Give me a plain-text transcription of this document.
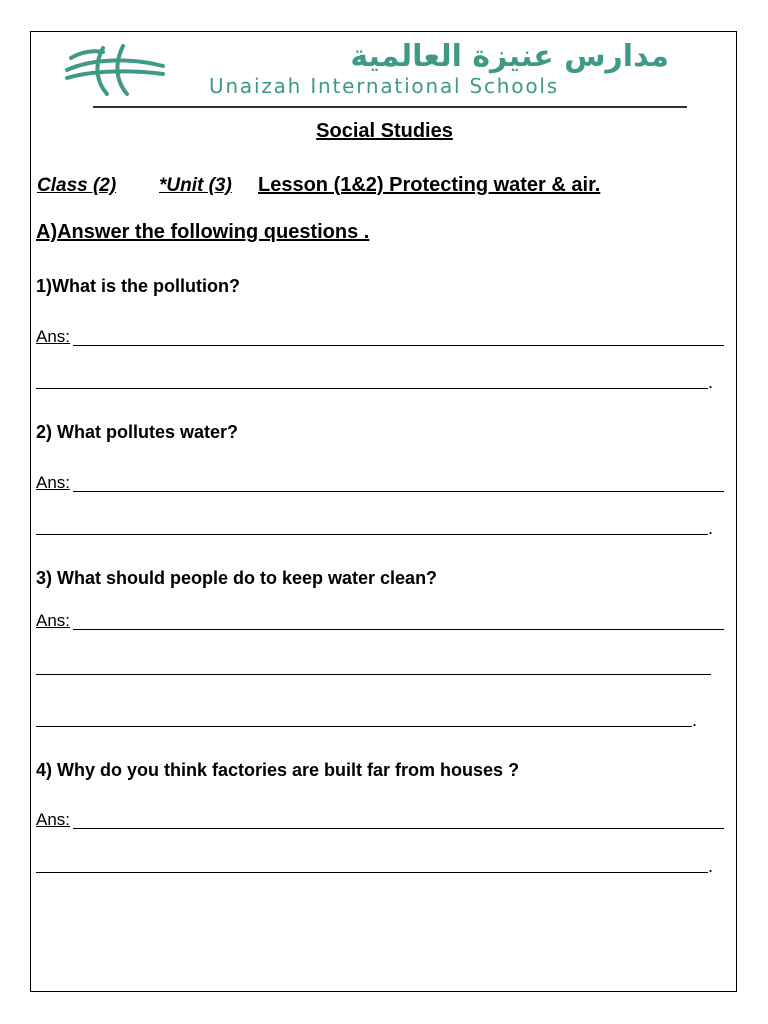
مدارس عنيزة العالمية
Unaizah International Schools
Social Studies
Class (2) *Unit (3) Lesson (1&2) Protecting water & air.
A)Answer the following questions .
1)What is the pollution?
Ans:
.
2) What pollutes water?
Ans:
.
3) What should people do to keep water clean?
Ans:
.
4) Why do you think factories are built far from houses ?
Ans:
.
